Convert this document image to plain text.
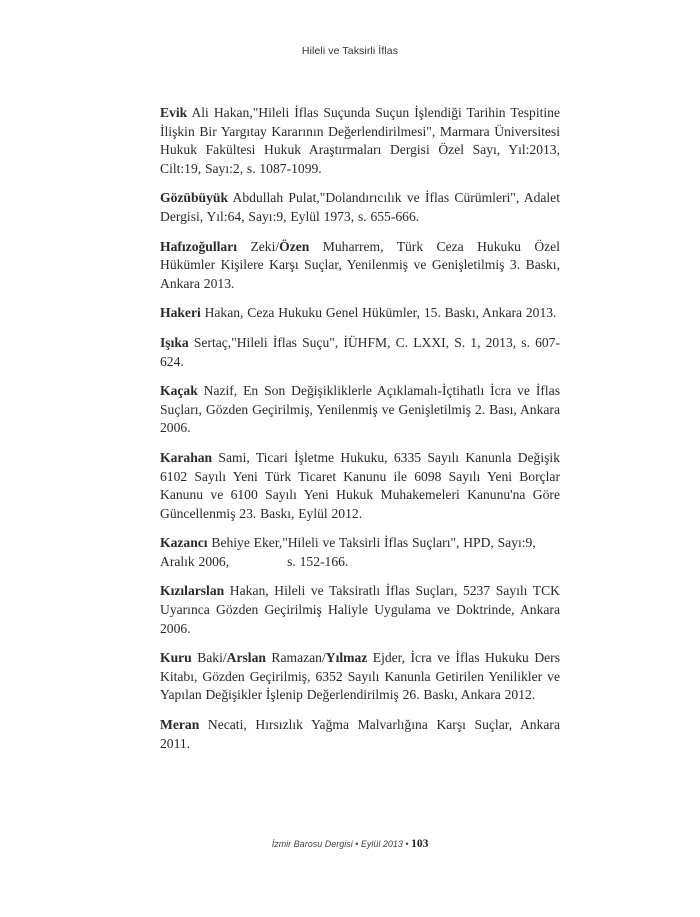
Hileli ve Taksirli İflas

Evik Ali Hakan,"Hileli İflas Suçunda Suçun İşlendiği Tarihin Tespitine İlişkin Bir Yargıtay Kararının Değerlendirilmesi", Marmara Üniversitesi Hukuk Fakültesi Hukuk Araştırmaları Dergisi Özel Sayı, Yıl:2013, Cilt:19, Sayı:2, s. 1087-1099.

Gözübüyük Abdullah Pulat,"Dolandırıcılık ve İflas Cürümleri", Adalet Dergisi, Yıl:64, Sayı:9, Eylül 1973, s. 655-666.

Hafızoğulları Zeki/Özen Muharrem, Türk Ceza Hukuku Özel Hükümler Kişilere Karşı Suçlar, Yenilenmiş ve Genişletilmiş 3. Baskı, Ankara 2013.

Hakeri Hakan, Ceza Hukuku Genel Hükümler, 15. Baskı, Ankara 2013.

Işıka Sertaç,"Hileli İflas Suçu", İÜHFM, C. LXXI, S. 1, 2013, s. 607-624.

Kaçak Nazif, En Son Değişikliklerle Açıklamalı-İçtihatlı İcra ve İflas Suçları, Gözden Geçirilmiş, Yenilenmiş ve Genişletilmiş 2. Bası, Ankara 2006.

Karahan Sami, Ticari İşletme Hukuku, 6335 Sayılı Kanunla Değişik 6102 Sayılı Yeni Türk Ticaret Kanunu ile 6098 Sayılı Yeni Borçlar Kanunu ve 6100 Sayılı Yeni Hukuk Muhakemeleri Kanunu'na Göre Güncellenmiş 23. Baskı, Eylül 2012.

Kazancı Behiye Eker,"Hileli ve Taksirli İflas Suçları", HPD, Sayı:9, Aralık 2006,	s. 152-166.

Kızılarslan Hakan, Hileli ve Taksiratlı İflas Suçları, 5237 Sayılı TCK Uyarınca Gözden Geçirilmiş Haliyle Uygulama ve Doktrinde, Ankara 2006.

Kuru Baki/Arslan Ramazan/Yılmaz Ejder, İcra ve İflas Hukuku Ders Kitabı, Gözden Geçirilmiş, 6352 Sayılı Kanunla Getirilen Yenilikler ve Yapılan Değişikler İşlenip Değerlendirilmiş 26. Baskı, Ankara 2012.

Meran Necati, Hırsızlık Yağma Malvarlığına Karşı Suçlar, Ankara 2011.

İzmir Barosu Dergisi • Eylül 2013 • 103
